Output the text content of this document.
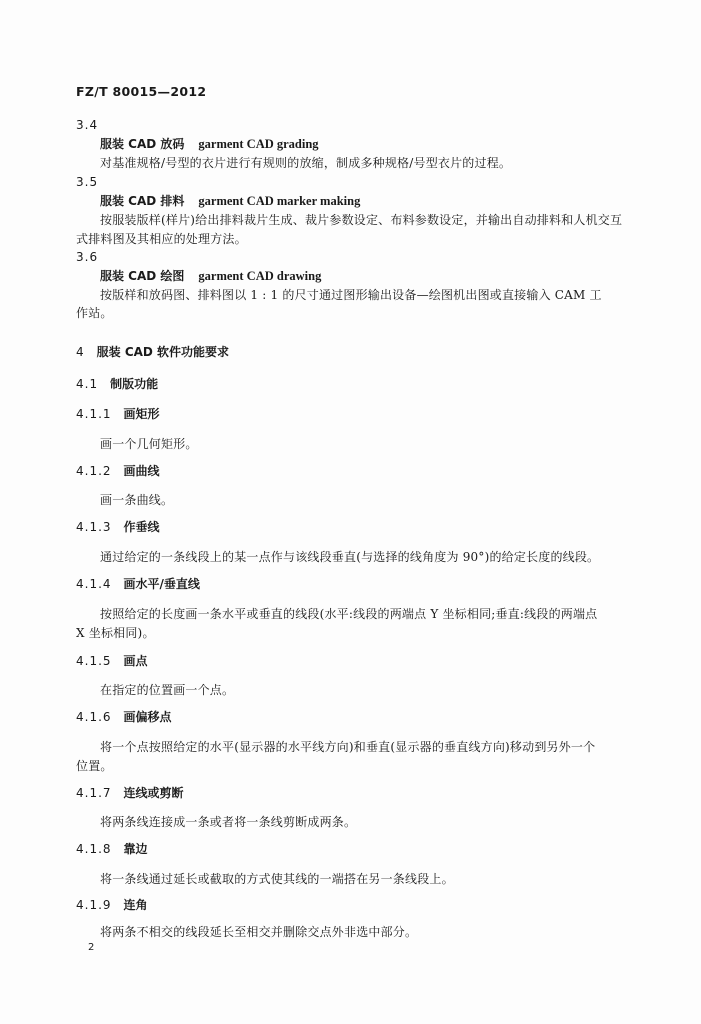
FZ/T 80015—2012
3.4
服装 CAD 放码 garment CAD grading
对基准规格/号型的衣片进行有规则的放缩，制成多种规格/号型衣片的过程。
3.5
服装 CAD 排料 garment CAD marker making
按服装版样(样片)给出排料裁片生成、裁片参数设定、布料参数设定，并输出自动排料和人机交互
式排料图及其相应的处理方法。
3.6
服装 CAD 绘图 garment CAD drawing
按版样和放码图、排料图以 1 : 1 的尺寸通过图形输出设备—绘图机出图或直接输入 CAM 工
作站。
4 服装 CAD 软件功能要求
4.1 制版功能
4.1.1 画矩形
画一个几何矩形。
4.1.2 画曲线
画一条曲线。
4.1.3 作垂线
通过给定的一条线段上的某一点作与该线段垂直(与选择的线角度为 90°)的给定长度的线段。
4.1.4 画水平/垂直线
按照给定的长度画一条水平或垂直的线段(水平:线段的两端点 Y 坐标相同;垂直:线段的两端点
X 坐标相同)。
4.1.5 画点
在指定的位置画一个点。
4.1.6 画偏移点
将一个点按照给定的水平(显示器的水平线方向)和垂直(显示器的垂直线方向)移动到另外一个
位置。
4.1.7 连线或剪断
将两条线连接成一条或者将一条线剪断成两条。
4.1.8 靠边
将一条线通过延长或截取的方式使其线的一端搭在另一条线段上。
4.1.9 连角
将两条不相交的线段延长至相交并删除交点外非选中部分。
2
